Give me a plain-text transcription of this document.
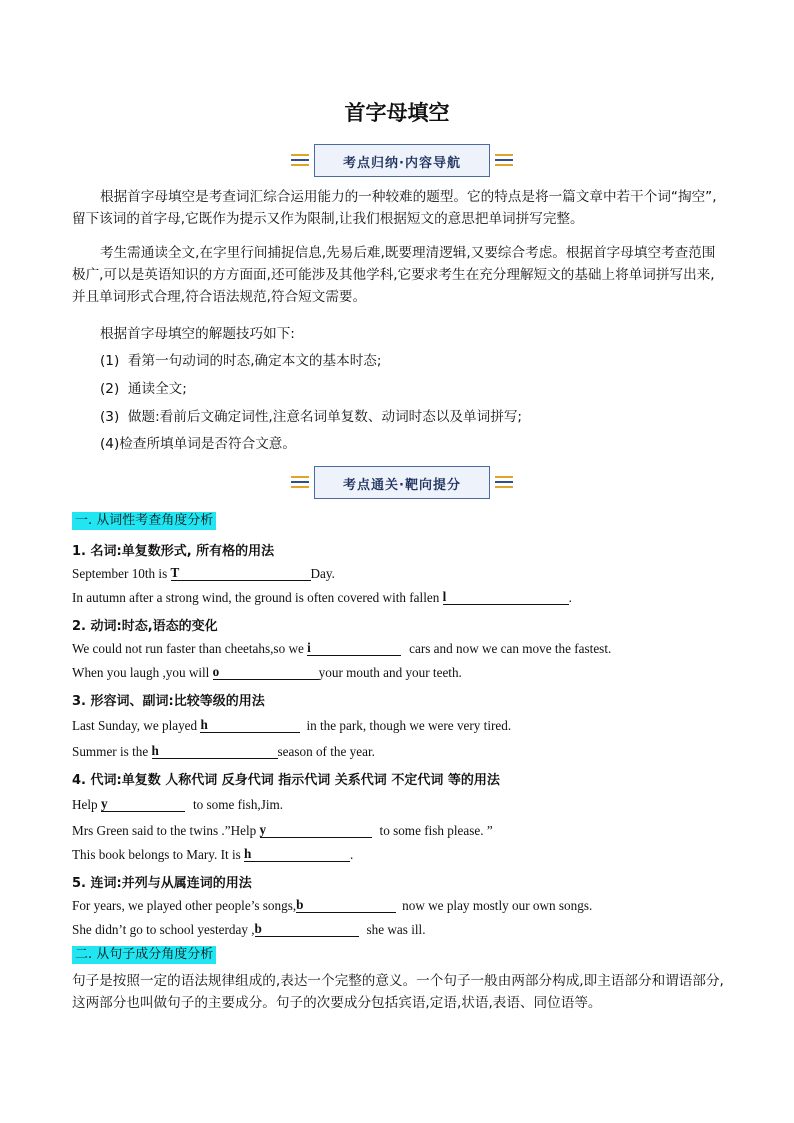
首字母填空
考点归纳·内容导航
根据首字母填空是考查词汇综合运用能力的一种较难的题型。它的特点是将一篇文章中若干个词“掏空”,留下该词的首字母,它既作为提示又作为限制,让我们根据短文的意思把单词拼写完整。
考生需通读全文,在字里行间捕捉信息,先易后难,既要理清逻辑,又要综合考虑。根据首字母填空考查范围极广,可以是英语知识的方方面面,还可能涉及其他学科,它要求考生在充分理解短文的基础上将单词拼写出来,并且单词形式合理,符合语法规范,符合短文需要。
根据首字母填空的解题技巧如下:
(1)  看第一句动词的时态,确定本文的基本时态;
(2)  通读全文;
(3)  做题:看前后文确定词性,注意名词单复数、动词时态以及单词拼写;
(4)检查所填单词是否符合文意。
考点通关·靶向提分
一. 从词性考查角度分析
1. 名词:单复数形式, 所有格的用法
September 10th is T	Day.
In autumn after a strong wind, the ground is often covered with fallen l	.
2. 动词:时态,语态的变化
We could not run faster than cheetahs,so we i	cars and now we can move the fastest.
When you laugh ,you will o	your mouth and your teeth.
3. 形容词、副词:比较等级的用法
Last Sunday, we played h	in the park, though we were very tired.
Summer is the h	season of the year.
4. 代词:单复数 人称代词 反身代词 指示代词 关系代词 不定代词 等的用法
Help y	to some fish,Jim.
Mrs Green said to the twins .”Help y	to some fish please. ”
This book belongs to Mary. It is h	.
5. 连词:并列与从属连词的用法
For years, we played other people’s songs,b	now we play mostly our own songs.
She didn’t go to school yesterday ,b	she was ill.
二. 从句子成分角度分析
句子是按照一定的语法规律组成的,表达一个完整的意义。一个句子一般由两部分构成,即主语部分和谓语部分,这两部分也叫做句子的主要成分。句子的次要成分包括宾语,定语,状语,表语、同位语等。
